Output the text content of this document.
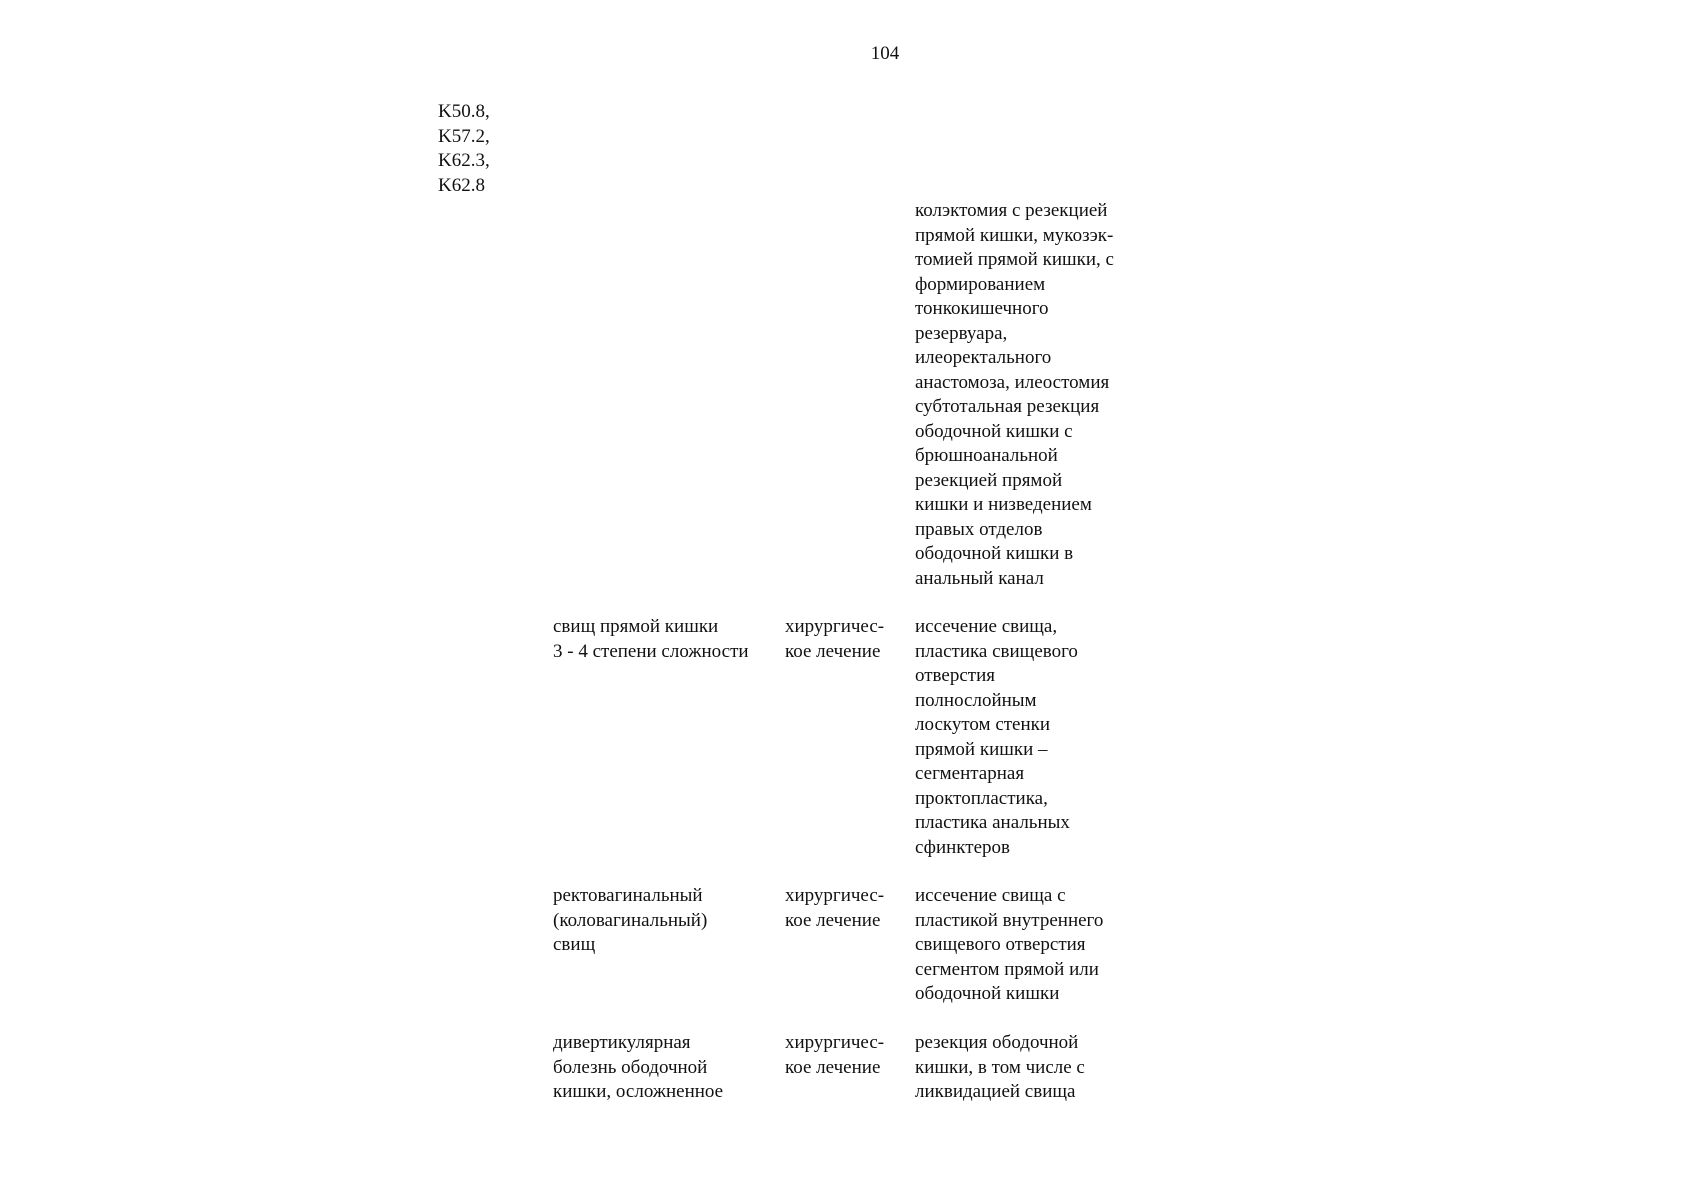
104
K50.8,
K57.2,
K62.3,
K62.8
колэктомия с резекцией
прямой кишки, мукозэк-
томией прямой кишки, с
формированием
тонкокишечного
резервуара,
илеоректального
анастомоза, илеостомия
субтотальная резекция
ободочной кишки с
брюшноанальной
резекцией прямой
кишки и низведением
правых отделов
ободочной кишки в
анальный канал
свищ прямой кишки
3 - 4 степени сложности
хирургичес-
кое лечение
иссечение свища,
пластика свищевого
отверстия
полнослойным
лоскутом стенки
прямой кишки –
сегментарная
проктопластика,
пластика анальных
сфинктеров
ректовагинальный
(коловагинальный)
свищ
хирургичес-
кое лечение
иссечение свища с
пластикой внутреннего
свищевого отверстия
сегментом прямой или
ободочной кишки
дивертикулярная
болезнь ободочной
кишки, осложненное
хирургичес-
кое лечение
резекция ободочной
кишки, в том числе с
ликвидацией свища
